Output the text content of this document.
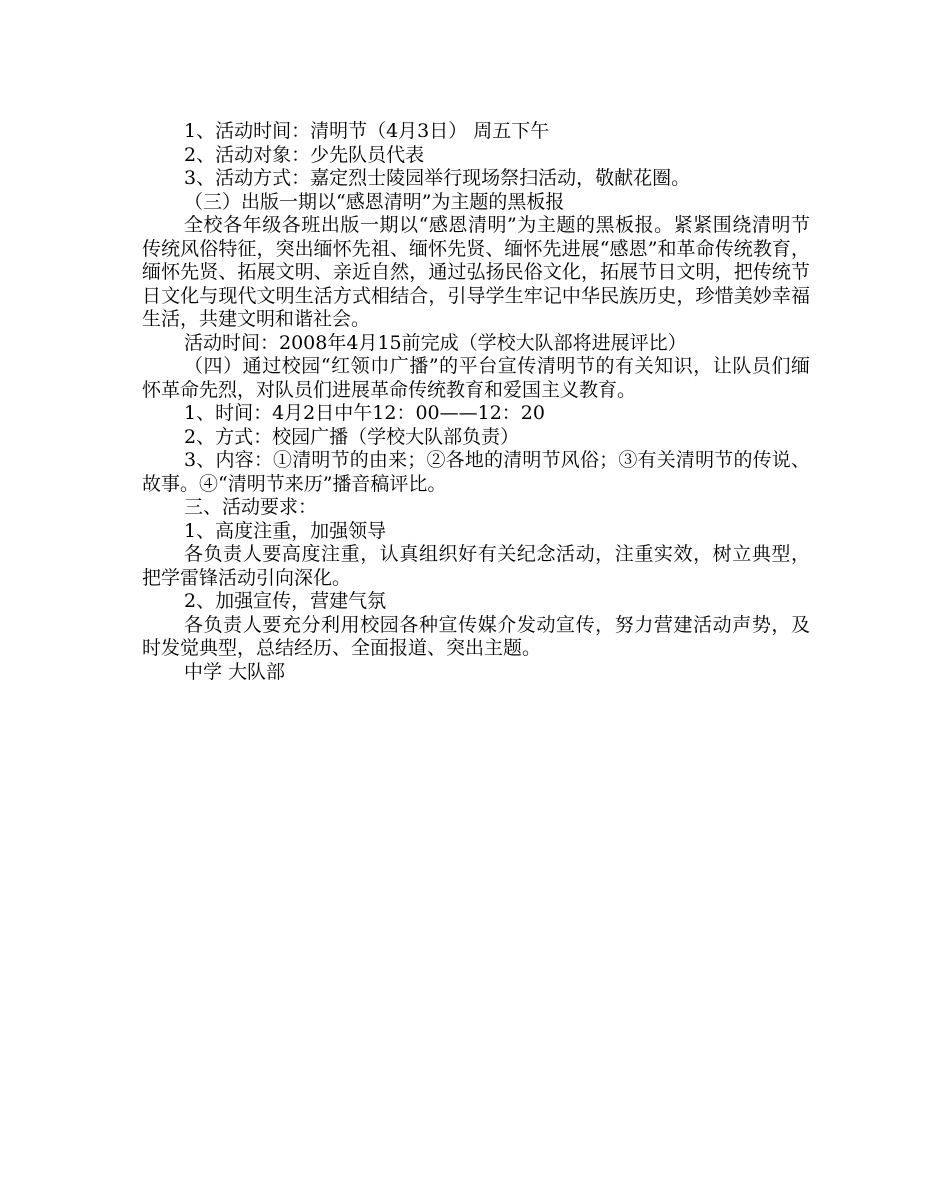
1、活动时间：清明节（4月3日） 周五下午

2、活动对象：少先队员代表

3、活动方式：嘉定烈士陵园举行现场祭扫活动，敬献花圈。

（三）出版一期以“感恩清明”为主题的黑板报

全校各年级各班出版一期以“感恩清明”为主题的黑板报。紧紧围绕清明节传统风俗特征，突出缅怀先祖、缅怀先贤、缅怀先进展“感恩”和革命传统教育，缅怀先贤、拓展文明、亲近自然，通过弘扬民俗文化，拓展节日文明，把传统节日文化与现代文明生活方式相结合，引导学生牢记中华民族历史，珍惜美妙幸福生活，共建文明和谐社会。

活动时间：2008年4月15前完成（学校大队部将进展评比）

（四）通过校园“红领巾广播”的平台宣传清明节的有关知识，让队员们缅怀革命先烈，对队员们进展革命传统教育和爱国主义教育。

1、时间：4月2日中午12：00——12：20

2、方式：校园广播（学校大队部负责）

3、内容：①清明节的由来；②各地的清明节风俗；③有关清明节的传说、故事。④“清明节来历”播音稿评比。

三、活动要求：

1、高度注重，加强领导

各负责人要高度注重，认真组织好有关纪念活动，注重实效，树立典型，把学雷锋活动引向深化。

2、加强宣传，营建气氛

各负责人要充分利用校园各种宣传媒介发动宣传，努力营建活动声势，及时发觉典型，总结经历、全面报道、突出主题。

中学 大队部
